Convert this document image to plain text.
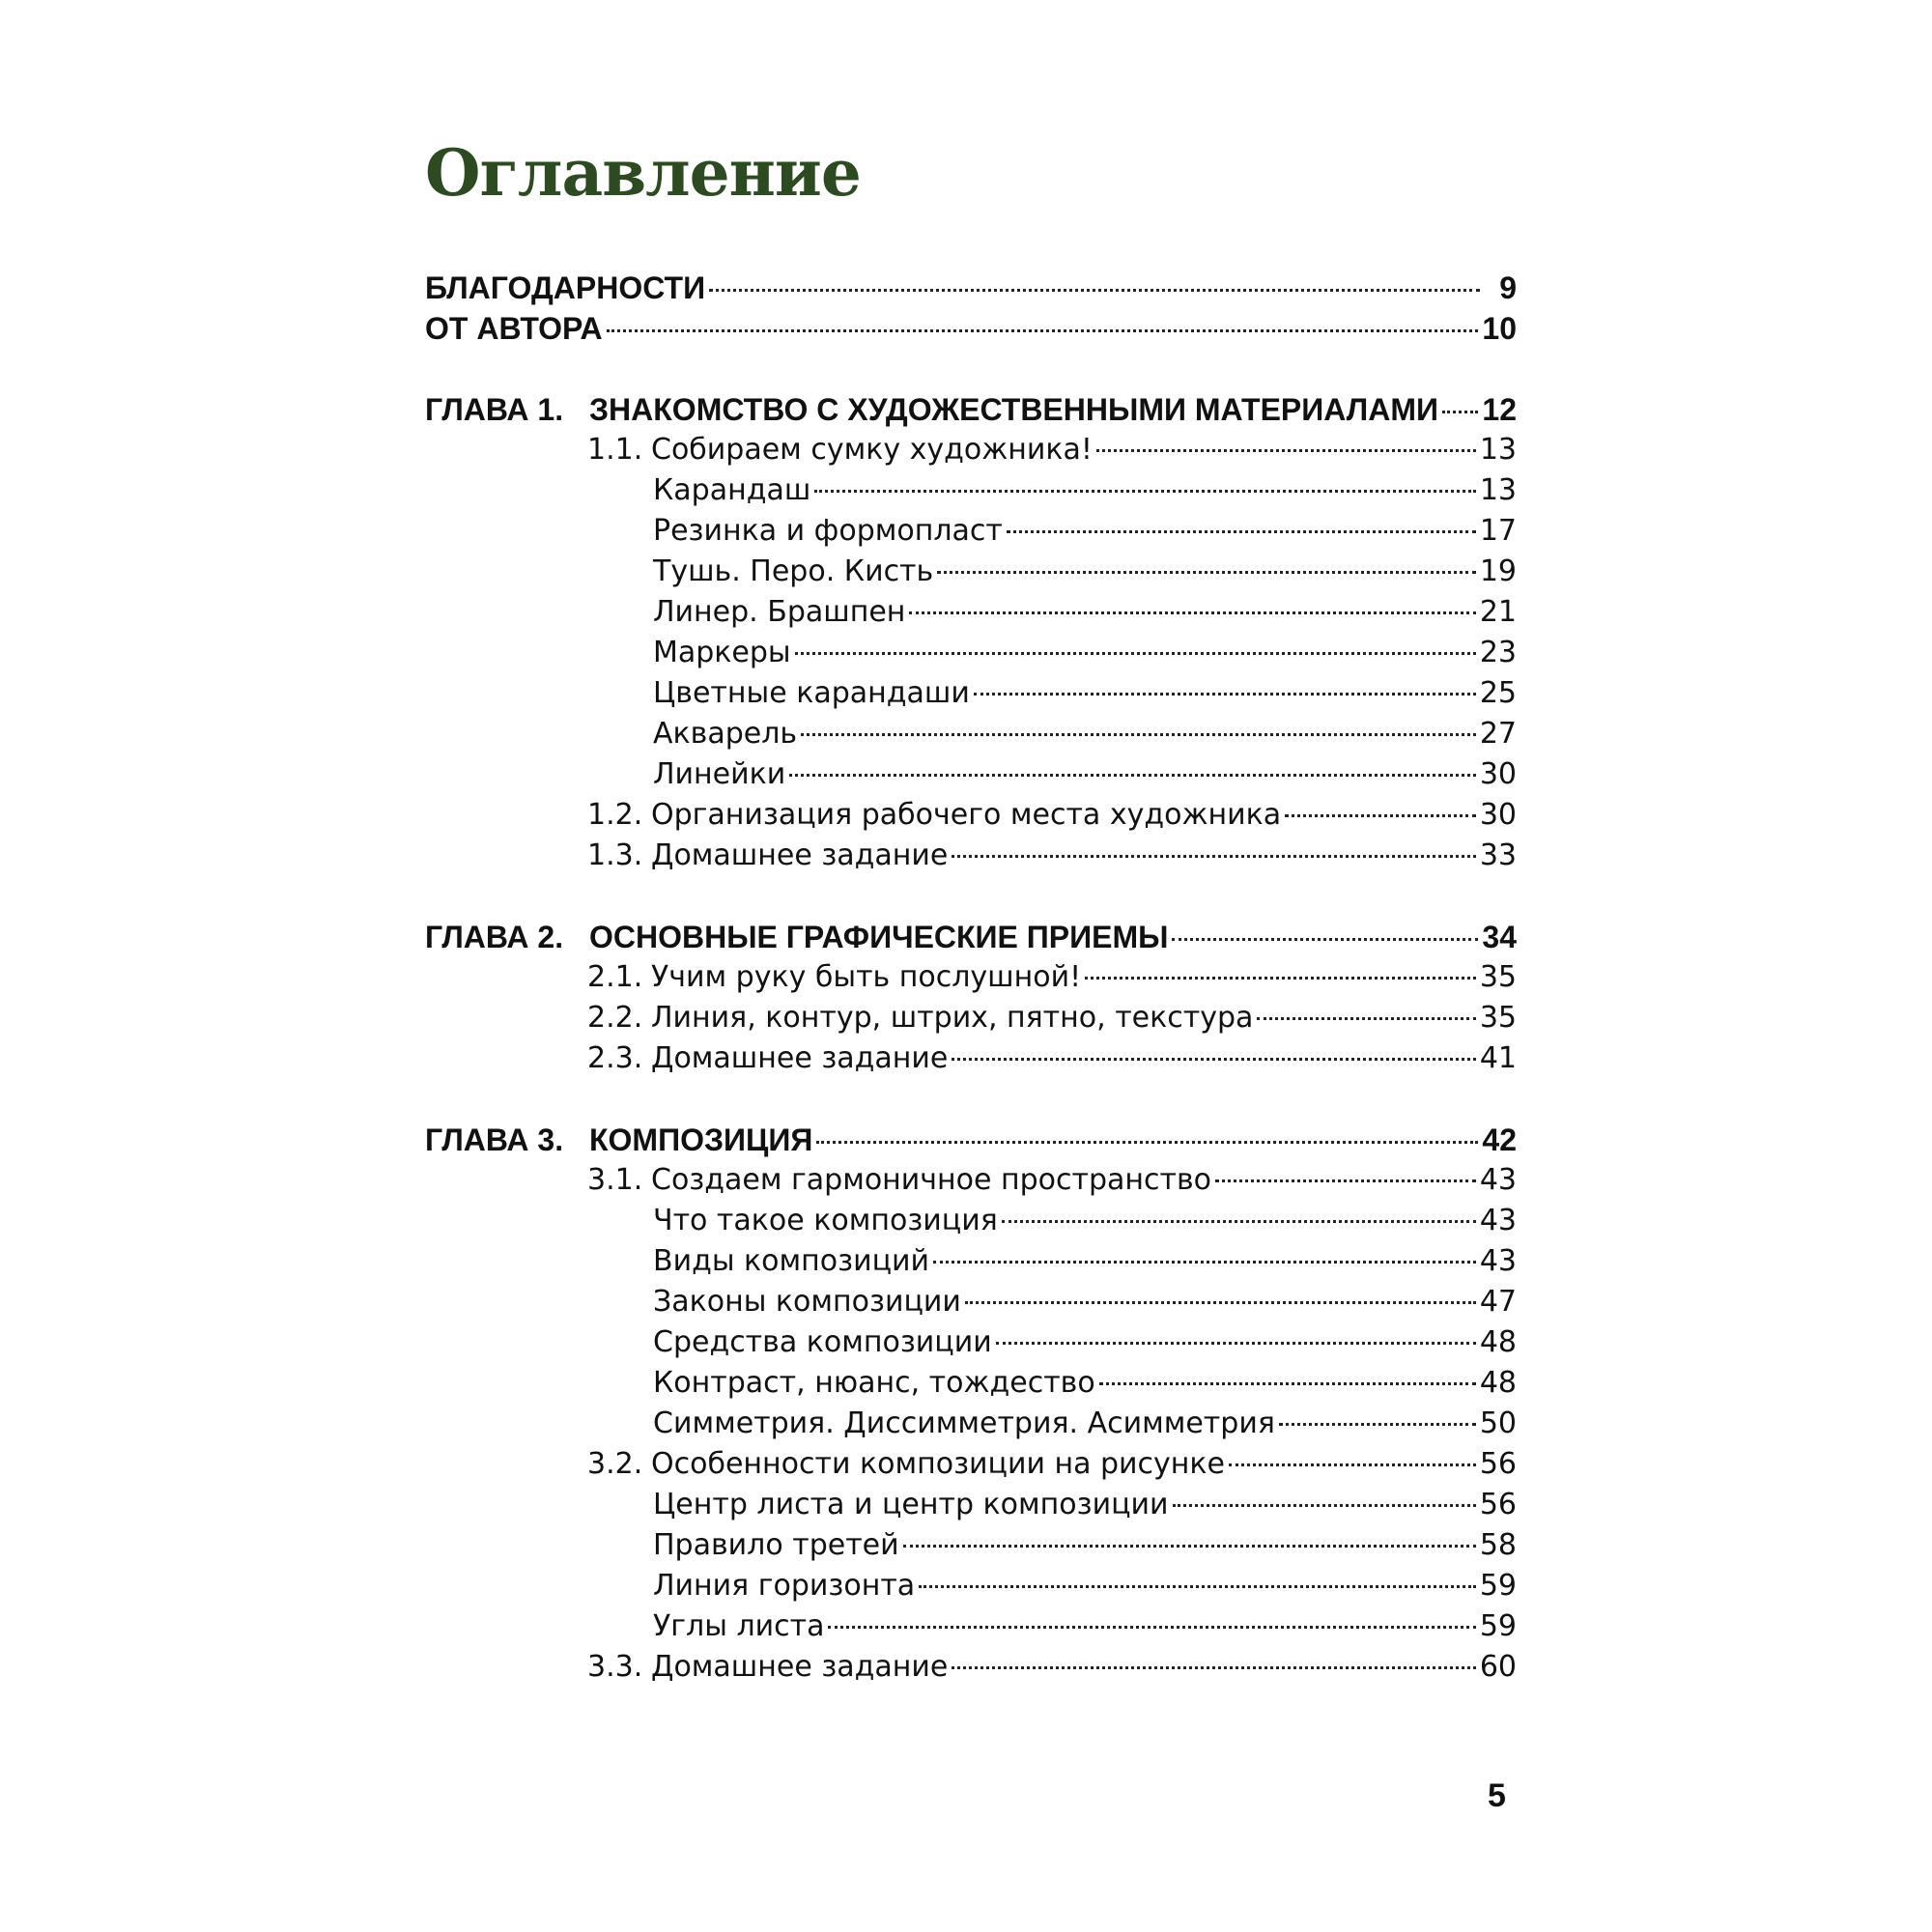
Оглавление
БЛАГОДАРНОСТИ	9
ОТ АВТОРА	10
ГЛАВА 1. ЗНАКОМСТВО С ХУДОЖЕСТВЕННЫМИ МАТЕРИАЛАМИ 12
1.1. Собираем сумку художника!	13
Карандаш	13
Резинка и формопласт	17
Тушь. Перо. Кисть	19
Линер. Брашпен	21
Маркеры	23
Цветные карандаши	25
Акварель	27
Линейки	30
1.2. Организация рабочего места художника	30
1.3. Домашнее задание	33
ГЛАВА 2. ОСНОВНЫЕ ГРАФИЧЕСКИЕ ПРИЕМЫ	34
2.1. Учим руку быть послушной!	35
2.2. Линия, контур, штрих, пятно, текстура	35
2.3. Домашнее задание	41
ГЛАВА 3. КОМПОЗИЦИЯ	42
3.1. Создаем гармоничное пространство	43
Что такое композиция	43
Виды композиций	43
Законы композиции	47
Средства композиции	48
Контраст, нюанс, тождество	48
Симметрия. Диссимметрия. Асимметрия	50
3.2. Особенности композиции на рисунке	56
Центр листа и центр композиции	56
Правило третей	58
Линия горизонта	59
Углы листа	59
3.3. Домашнее задание	60
5
